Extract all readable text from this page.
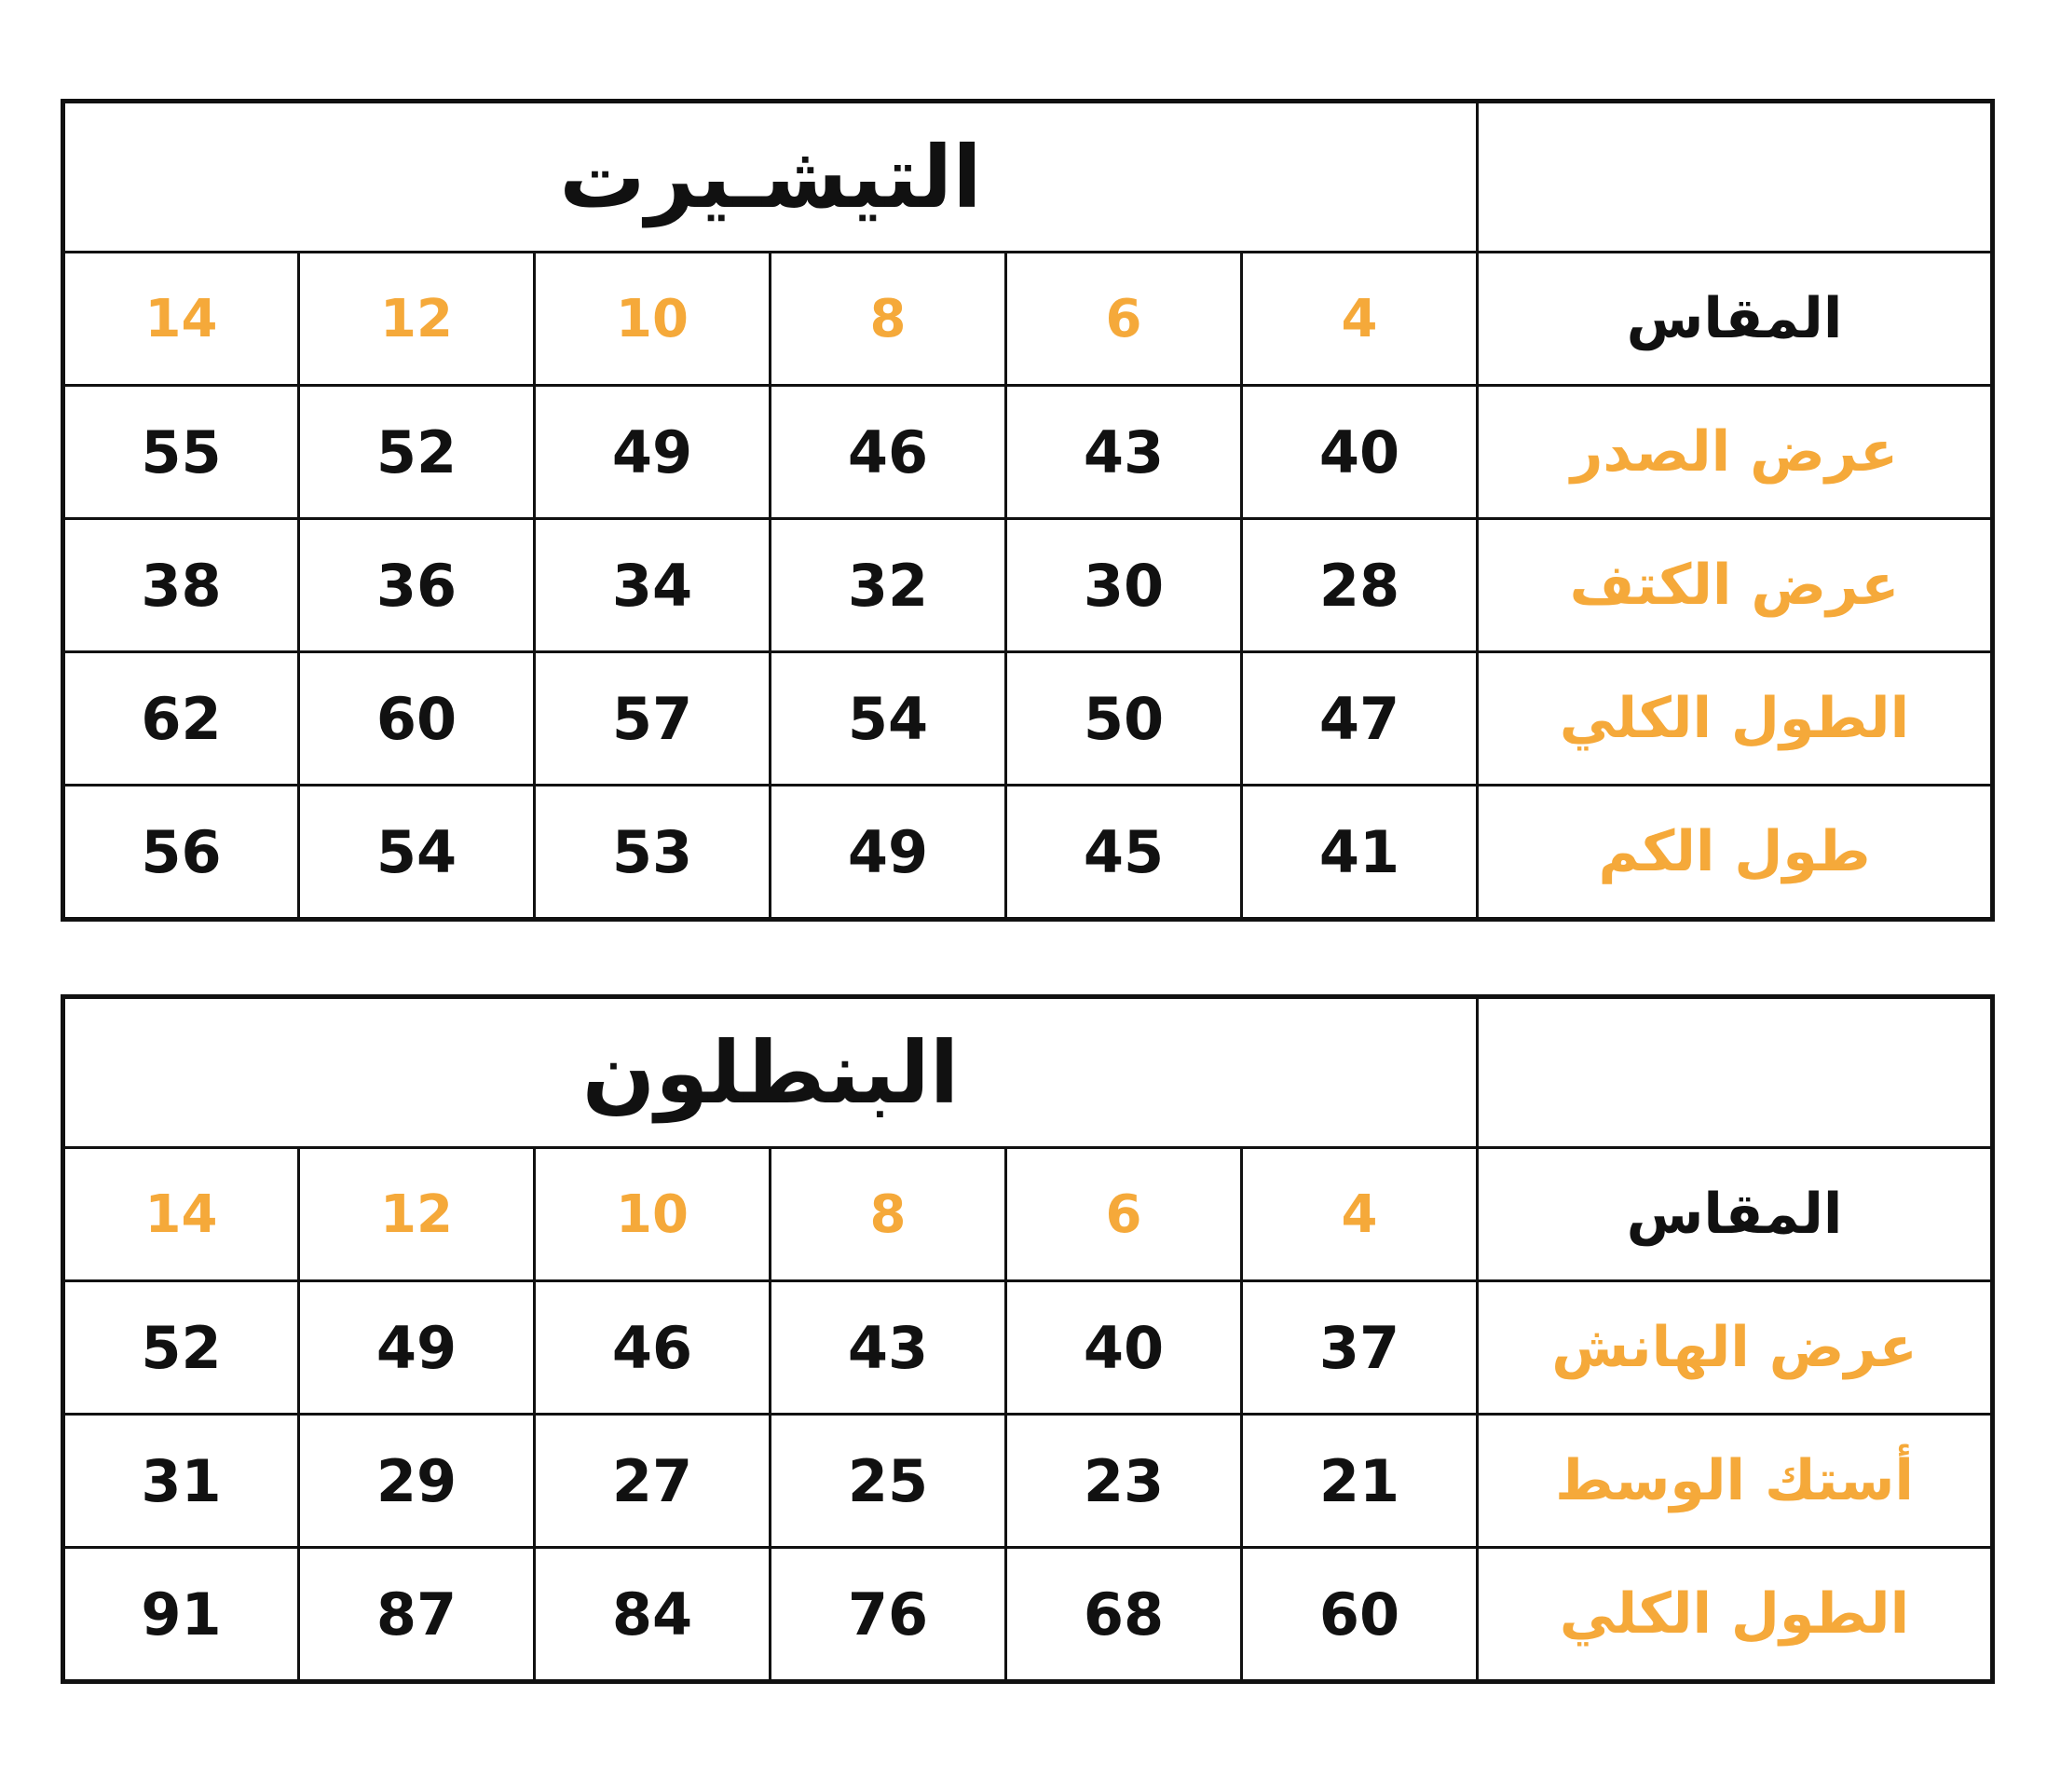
	التيشـيرت					
المقاس	4	6	8	10	12	14
عرض الصدر	40	43	46	49	52	55
عرض الكتف	28	30	32	34	36	38
الطول الكلي	47	50	54	57	60	62
طول الكم	41	45	49	53	54	56
	البنطلون					
المقاس	4	6	8	10	12	14
عرض الهانش	37	40	43	46	49	52
أستك الوسط	21	23	25	27	29	31
الطول الكلي	60	68	76	84	87	91
